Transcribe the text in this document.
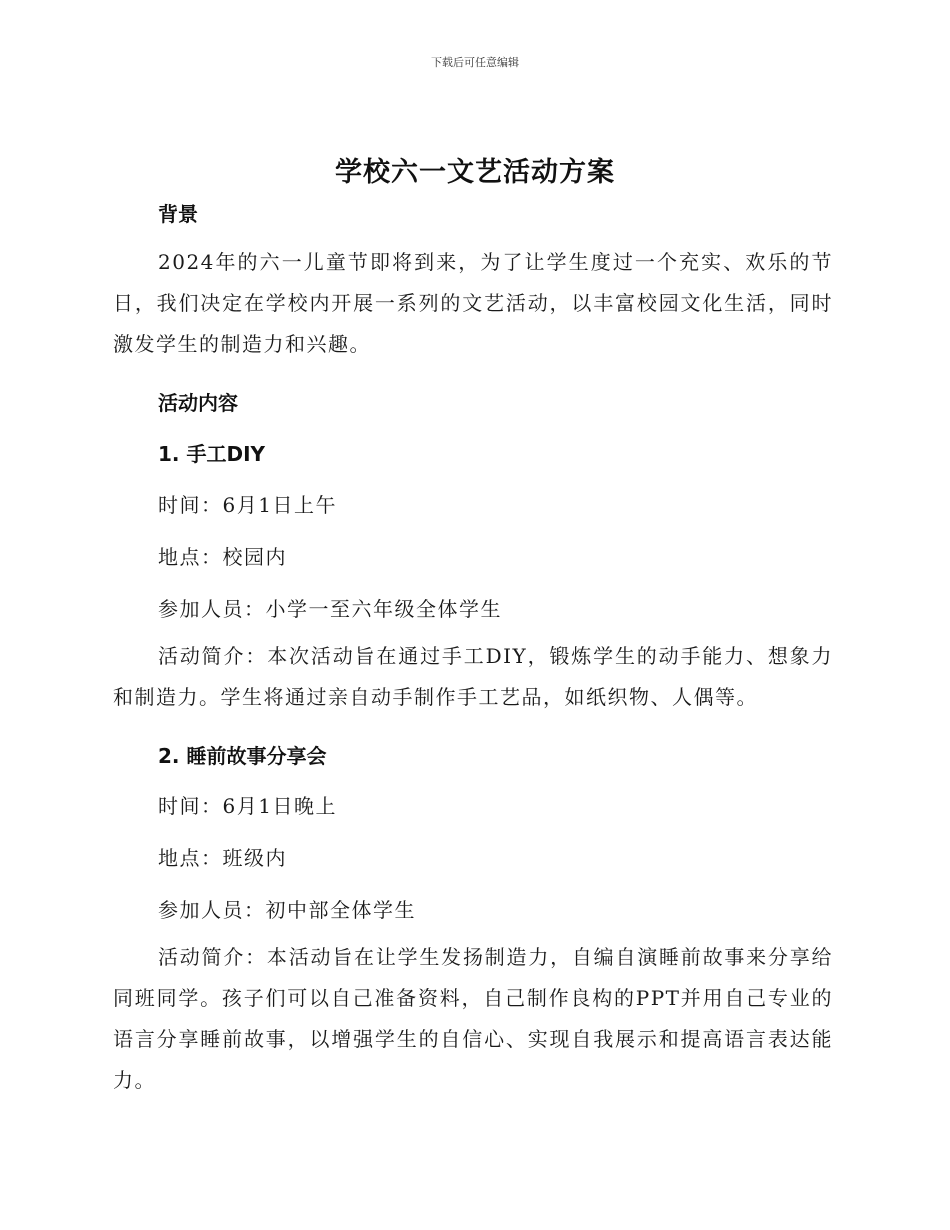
下载后可任意编辑
学校六一文艺活动方案
背景
2024年的六一儿童节即将到来，为了让学生度过一个充实、欢乐的节日，我们决定在学校内开展一系列的文艺活动，以丰富校园文化生活，同时激发学生的制造力和兴趣。
活动内容
1. 手工DIY
时间：6月1日上午
地点：校园内
参加人员：小学一至六年级全体学生
活动简介：本次活动旨在通过手工DIY，锻炼学生的动手能力、想象力和制造力。学生将通过亲自动手制作手工艺品，如纸织物、人偶等。
2. 睡前故事分享会
时间：6月1日晚上
地点：班级内
参加人员：初中部全体学生
活动简介：本活动旨在让学生发扬制造力，自编自演睡前故事来分享给同班同学。孩子们可以自己准备资料，自己制作良构的PPT并用自己专业的语言分享睡前故事，以增强学生的自信心、实现自我展示和提高语言表达能力。
